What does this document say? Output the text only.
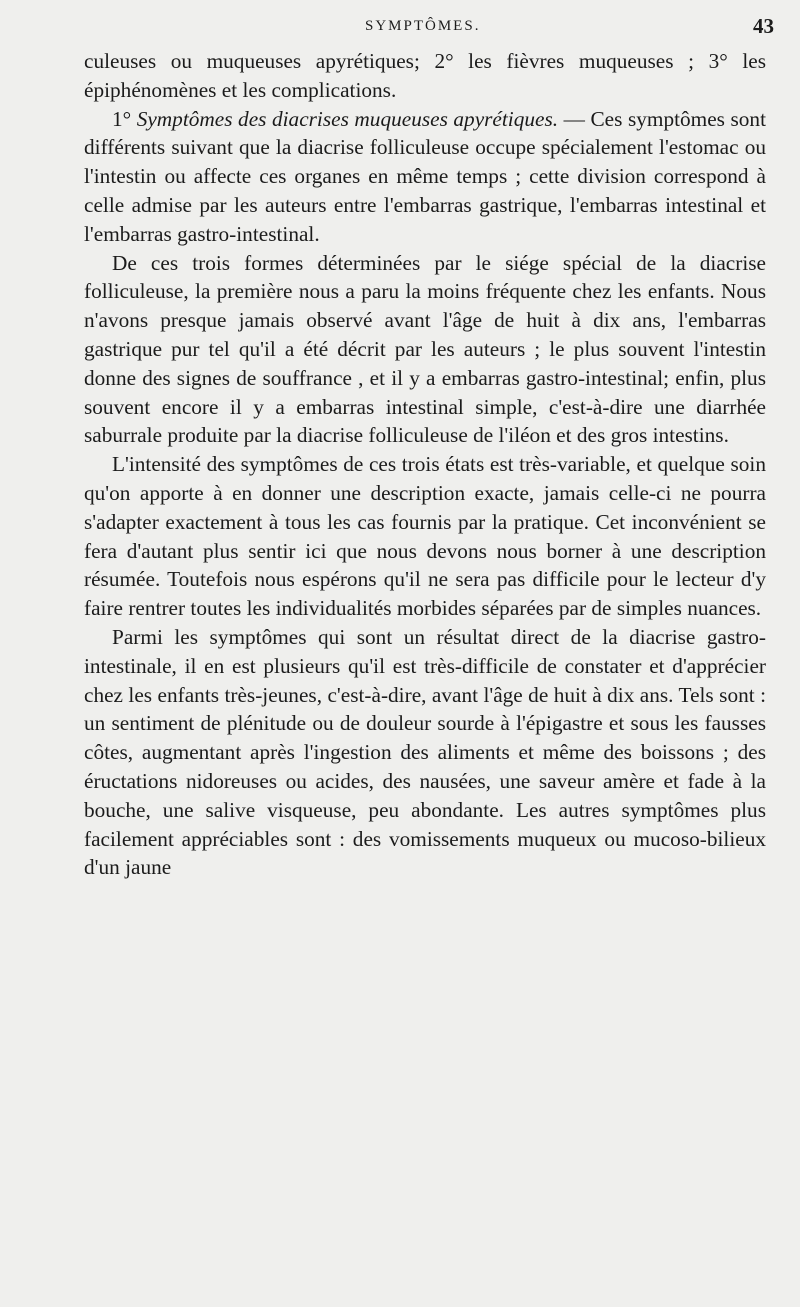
SYMPTÔMES.	43

culeuses ou muqueuses apyrétiques; 2° les fièvres muqueuses ; 3° les épiphénomènes et les complications.

1° Symptômes des diacrises muqueuses apyrétiques. — Ces symptômes sont différents suivant que la diacrise folliculeuse occupe spécialement l'estomac ou l'intestin ou affecte ces organes en même temps ; cette division correspond à celle admise par les auteurs entre l'embarras gastrique, l'embarras intestinal et l'embarras gastro-intestinal.

De ces trois formes déterminées par le siége spécial de la diacrise folliculeuse, la première nous a paru la moins fréquente chez les enfants. Nous n'avons presque jamais observé avant l'âge de huit à dix ans, l'embarras gastrique pur tel qu'il a été décrit par les auteurs ; le plus souvent l'intestin donne des signes de souffrance , et il y a embarras gastro-intestinal; enfin, plus souvent encore il y a embarras intestinal simple, c'est-à-dire une diarrhée saburrale produite par la diacrise folliculeuse de l'iléon et des gros intestins.

L'intensité des symptômes de ces trois états est très-variable, et quelque soin qu'on apporte à en donner une description exacte, jamais celle-ci ne pourra s'adapter exactement à tous les cas fournis par la pratique. Cet inconvénient se fera d'autant plus sentir ici que nous devons nous borner à une description résumée. Toutefois nous espérons qu'il ne sera pas difficile pour le lecteur d'y faire rentrer toutes les individualités morbides séparées par de simples nuances.

Parmi les symptômes qui sont un résultat direct de la diacrise gastro-intestinale, il en est plusieurs qu'il est très-difficile de constater et d'apprécier chez les enfants très-jeunes, c'est-à-dire, avant l'âge de huit à dix ans. Tels sont : un sentiment de plénitude ou de douleur sourde à l'épigastre et sous les fausses côtes, augmentant après l'ingestion des aliments et même des boissons ; des éructations nidoreuses ou acides, des nausées, une saveur amère et fade à la bouche, une salive visqueuse, peu abondante. Les autres symptômes plus facilement appréciables sont : des vomissements muqueux ou mucoso-bilieux d'un jaune
